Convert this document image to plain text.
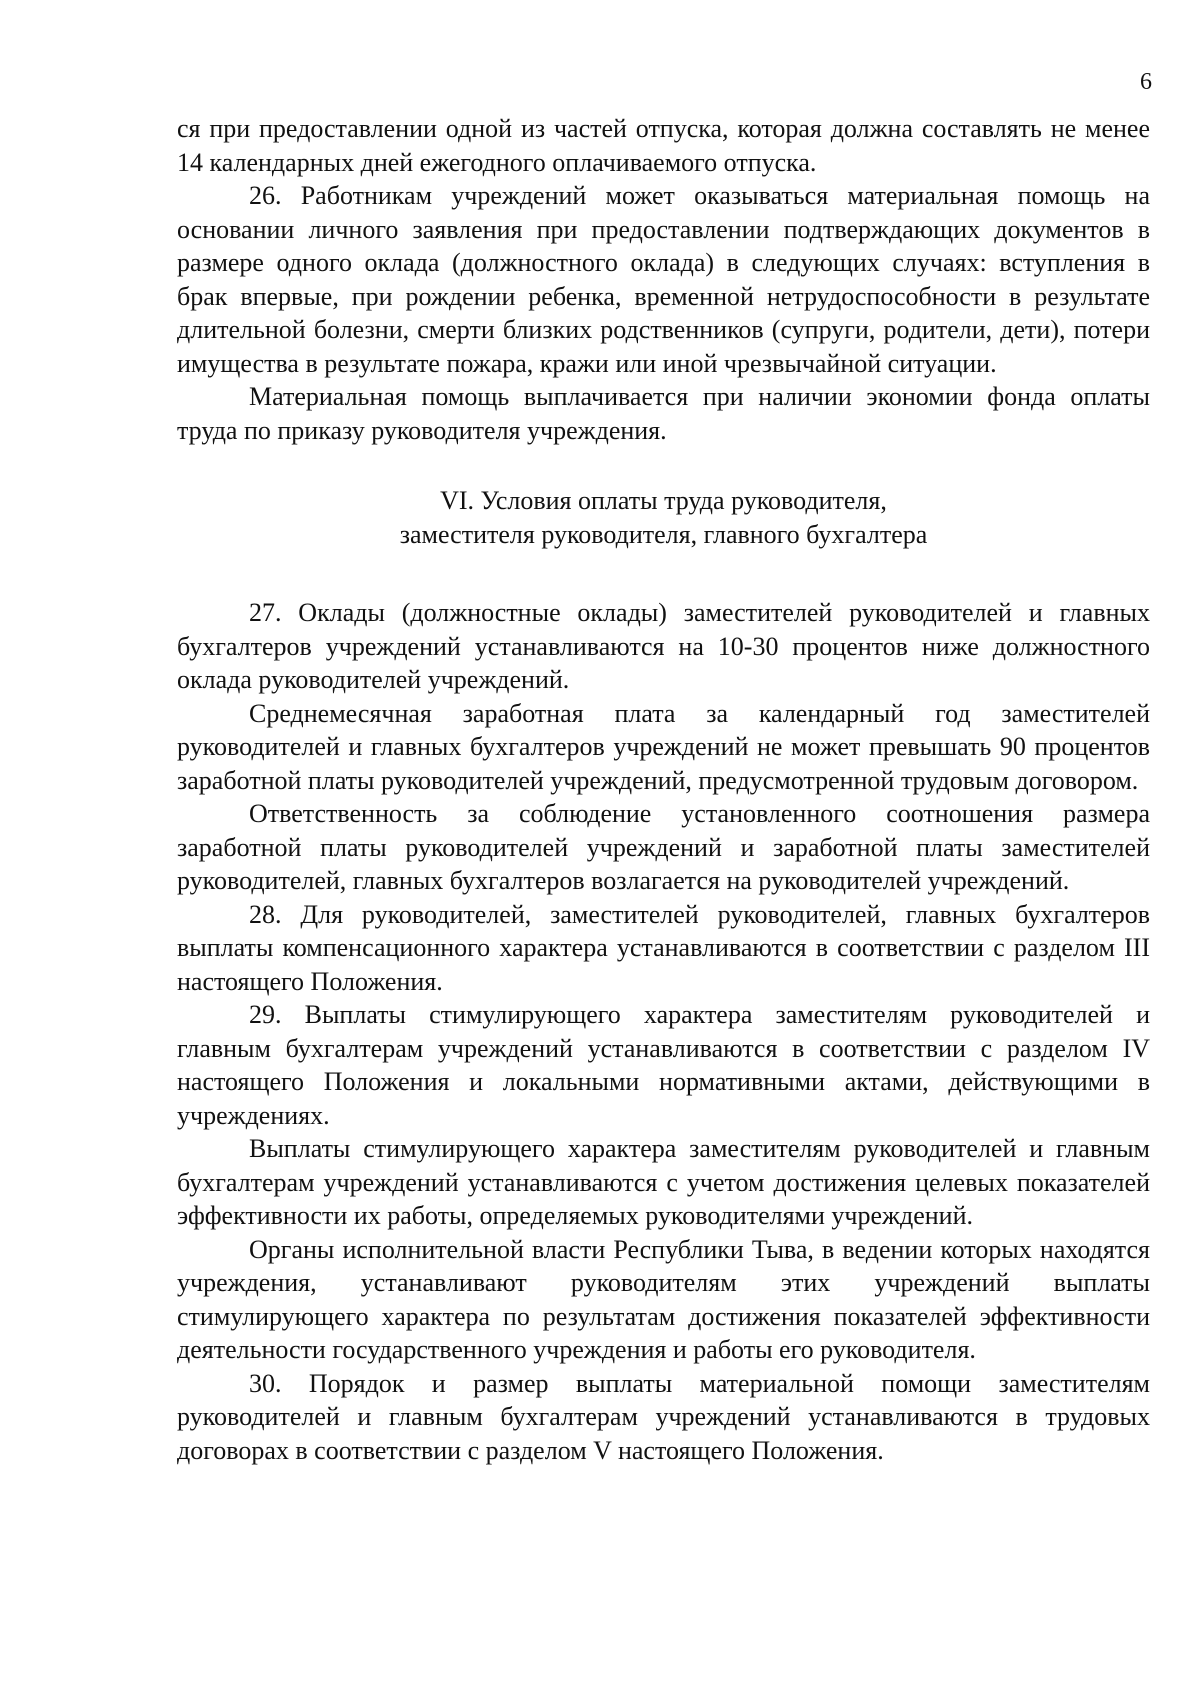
6

ся при предоставлении одной из частей отпуска, которая должна составлять не менее 14 календарных дней ежегодного оплачиваемого отпуска.

26. Работникам учреждений может оказываться материальная помощь на основании личного заявления при предоставлении подтверждающих документов в размере одного оклада (должностного оклада) в следующих случаях: вступления в брак впервые, при рождении ребенка, временной нетрудоспособности в результате длительной болезни, смерти близких родственников (супруги, родители, дети), потери имущества в результате пожара, кражи или иной чрезвычайной ситуации.

Материальная помощь выплачивается при наличии экономии фонда оплаты труда по приказу руководителя учреждения.

VI. Условия оплаты труда руководителя,
заместителя руководителя, главного бухгалтера

27. Оклады (должностные оклады) заместителей руководителей и главных бухгалтеров учреждений устанавливаются на 10-30 процентов ниже должностного оклада руководителей учреждений.

Среднемесячная заработная плата за календарный год заместителей руководителей и главных бухгалтеров учреждений не может превышать 90 процентов заработной платы руководителей учреждений, предусмотренной трудовым договором.

Ответственность за соблюдение установленного соотношения размера заработной платы руководителей учреждений и заработной платы заместителей руководителей, главных бухгалтеров возлагается на руководителей учреждений.

28. Для руководителей, заместителей руководителей, главных бухгалтеров выплаты компенсационного характера устанавливаются в соответствии с разделом III настоящего Положения.

29. Выплаты стимулирующего характера заместителям руководителей и главным бухгалтерам учреждений устанавливаются в соответствии с разделом IV настоящего Положения и локальными нормативными актами, действующими в учреждениях.

Выплаты стимулирующего характера заместителям руководителей и главным бухгалтерам учреждений устанавливаются с учетом достижения целевых показателей эффективности их работы, определяемых руководителями учреждений.

Органы исполнительной власти Республики Тыва, в ведении которых находятся учреждения, устанавливают руководителям этих учреждений выплаты стимулирующего характера по результатам достижения показателей эффективности деятельности государственного учреждения и работы его руководителя.

30. Порядок и размер выплаты материальной помощи заместителям руководителей и главным бухгалтерам учреждений устанавливаются в трудовых договорах в соответствии с разделом V настоящего Положения.
